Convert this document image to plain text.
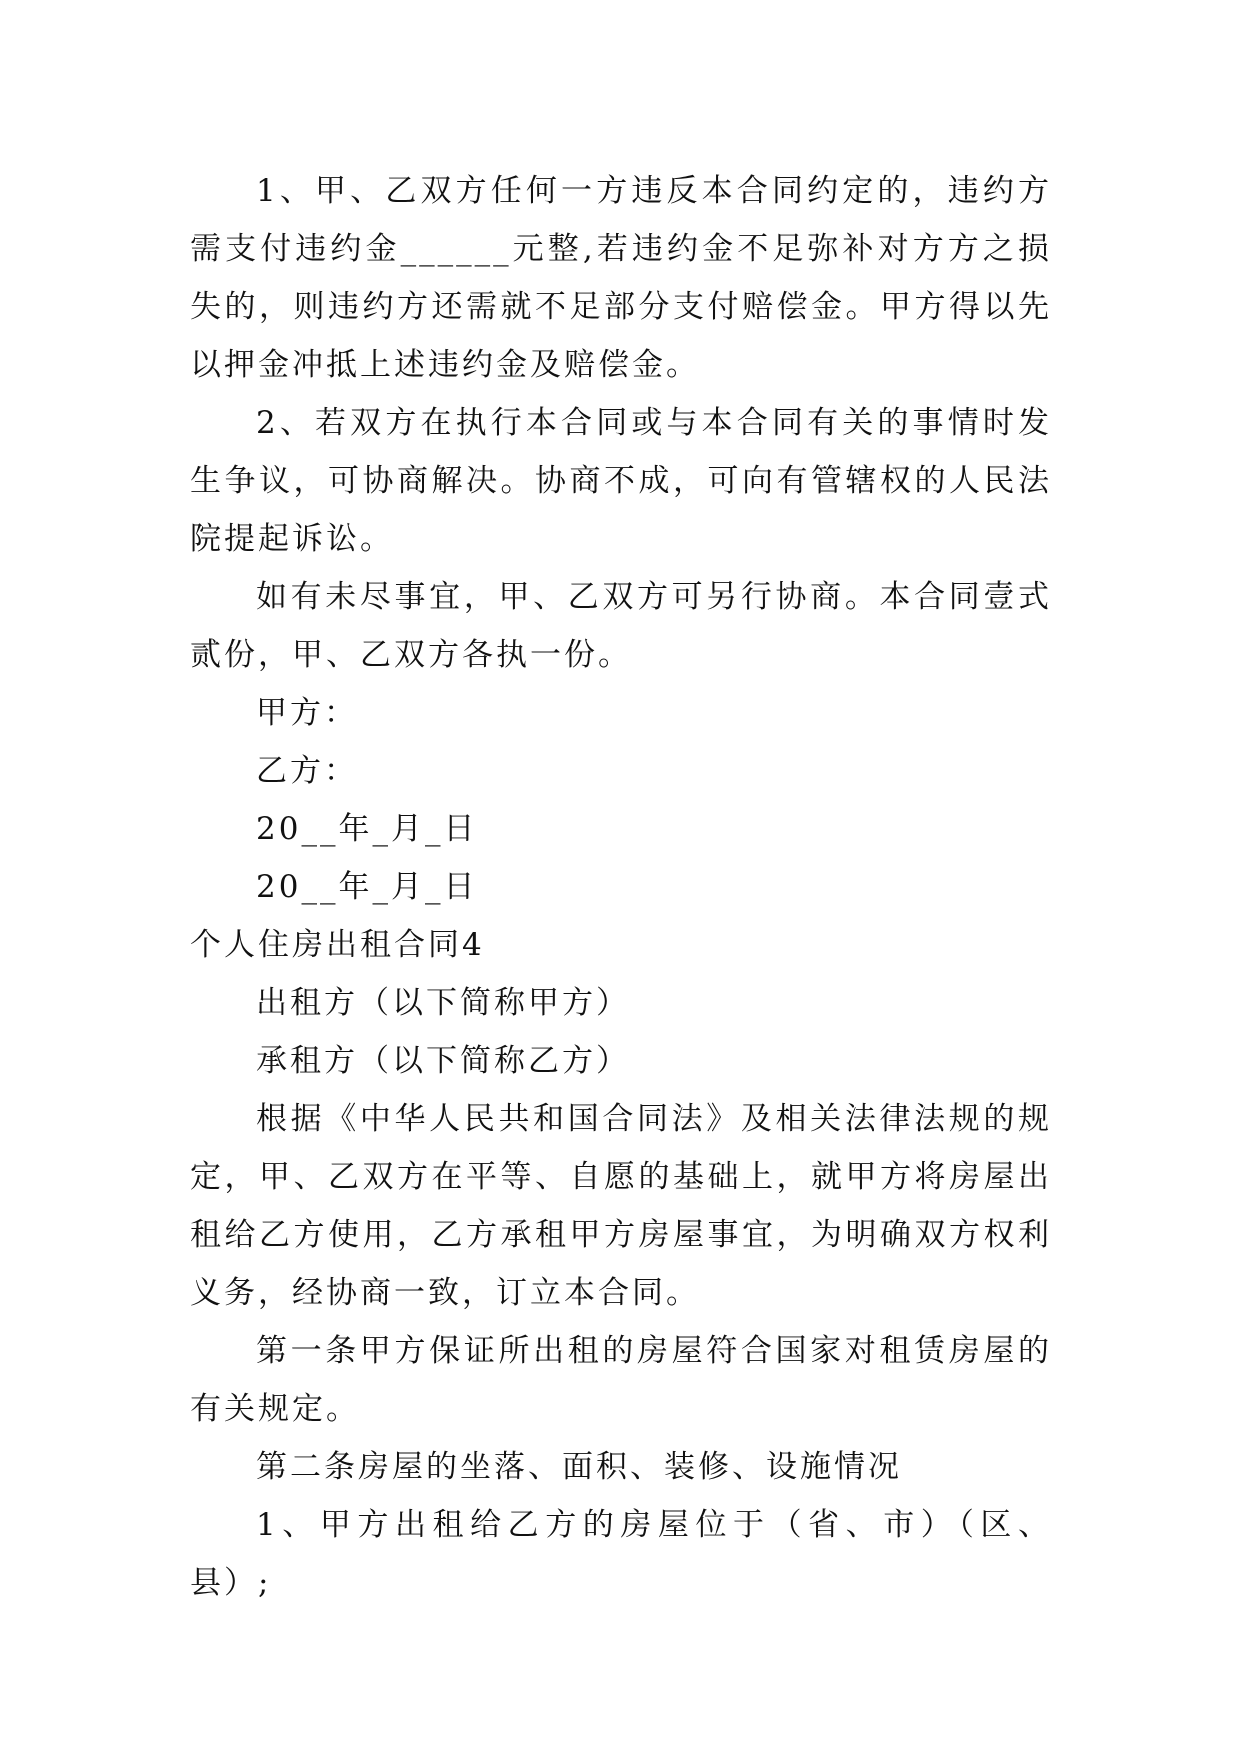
1、甲、乙双方任何一方违反本合同约定的，违约方需支付违约金______元整,若违约金不足弥补对方方之损失的，则违约方还需就不足部分支付赔偿金。甲方得以先以押金冲抵上述违约金及赔偿金。

2、若双方在执行本合同或与本合同有关的事情时发生争议，可协商解决。协商不成，可向有管辖权的人民法院提起诉讼。

如有未尽事宜，甲、乙双方可另行协商。本合同壹式贰份，甲、乙双方各执一份。

甲方：

乙方：

20__年_月_日

20__年_月_日

个人住房出租合同4

出租方（以下简称甲方）

承租方（以下简称乙方）

根据《中华人民共和国合同法》及相关法律法规的规定，甲、乙双方在平等、自愿的基础上，就甲方将房屋出租给乙方使用，乙方承租甲方房屋事宜，为明确双方权利义务，经协商一致，订立本合同。

第一条甲方保证所出租的房屋符合国家对租赁房屋的有关规定。

第二条房屋的坐落、面积、装修、设施情况

1、甲方出租给乙方的房屋位于（省、市）（区、县）;
